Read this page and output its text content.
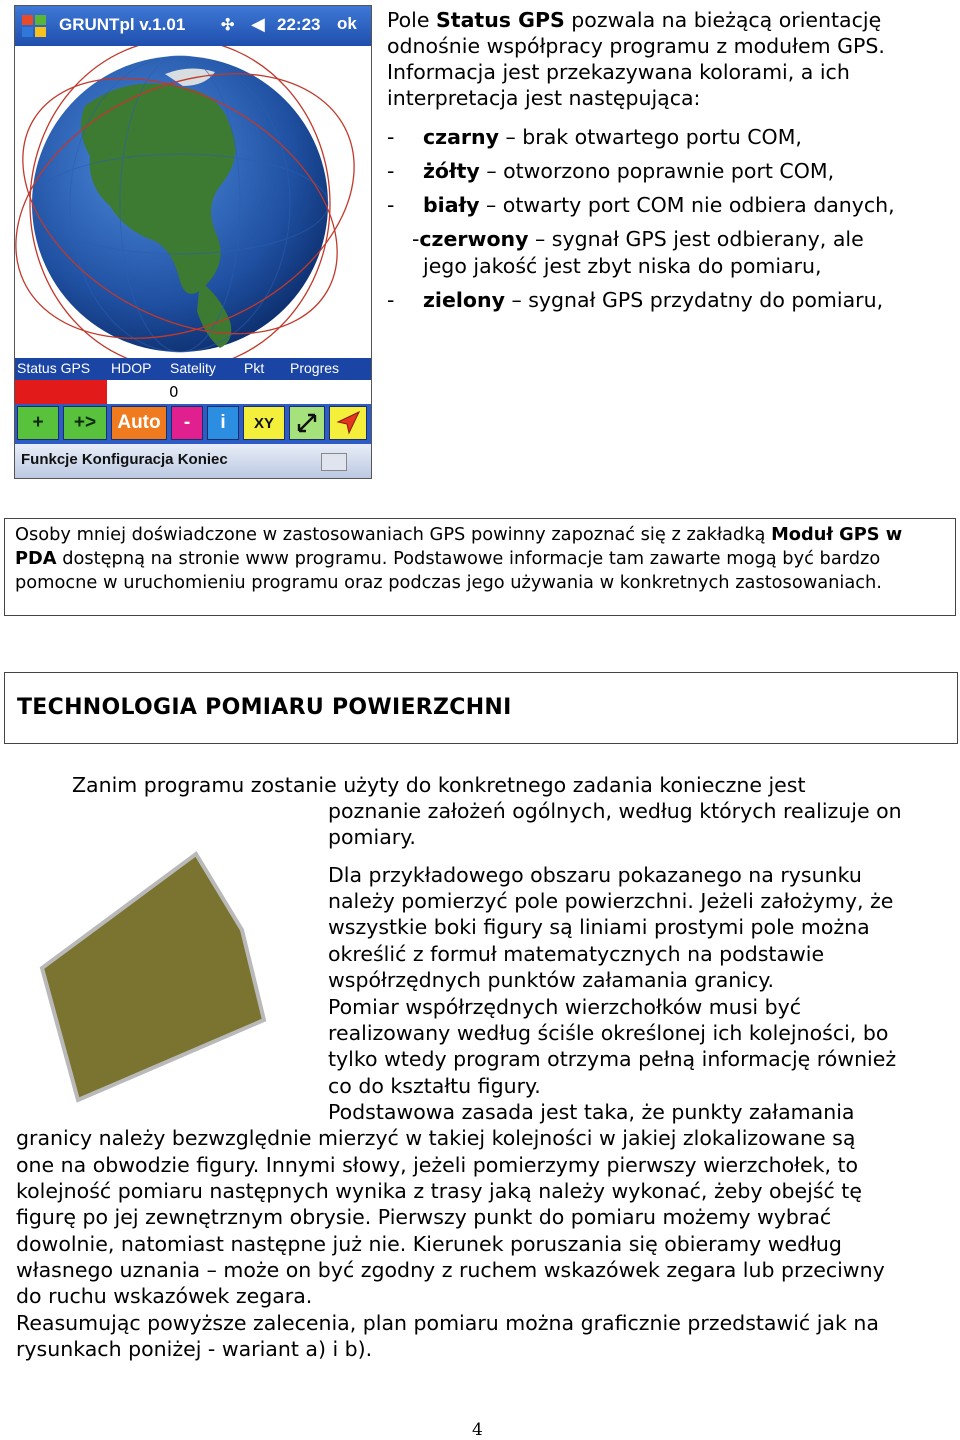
GRUNTpl v.1.01 ✣ ◀ 22:23 ok
Status GPS HDOP Satelity Pkt Progres
0
+	+>	Auto	-	i	XY
Funkcje Konfiguracja Koniec
Pole Status GPS pozwala na bieżącą orientację odnośnie współpracy programu z modułem GPS. Informacja jest przekazywana kolorami, a ich interpretacja jest następująca:
- czarny – brak otwartego portu COM,
- żółty – otworzono poprawnie port COM,
- biały – otwarty port COM nie odbiera danych,
-czerwony – sygnał GPS jest odbierany, ale

jego jakość jest zbyt niska do pomiaru,
- zielony – sygnał GPS przydatny do pomiaru,
Osoby mniej doświadczone w zastosowaniach GPS powinny zapoznać się z zakładką Moduł GPS w PDA dostępną na stronie www programu. Podstawowe informacje tam zawarte mogą być bardzo pomocne w uruchomieniu programu oraz podczas jego używania w konkretnych zastosowaniach.
TECHNOLOGIA POMIARU POWIERZCHNI
Zanim programu zostanie użyty do konkretnego zadania konieczne jest
poznanie założeń ogólnych, według których realizuje on
pomiary.
Dla przykładowego obszaru pokazanego na rysunku
należy pomierzyć pole powierzchni. Jeżeli założymy, że
wszystkie boki figury są liniami prostymi pole można
określić z formuł matematycznych na podstawie
współrzędnych punktów załamania granicy.
Pomiar współrzędnych wierzchołków musi być
realizowany według ściśle określonej ich kolejności, bo
tylko wtedy program otrzyma pełną informację również
co do kształtu figury.
Podstawowa zasada jest taka, że punkty załamania
granicy należy bezwzględnie mierzyć w takiej kolejności w jakiej zlokalizowane są
one na obwodzie figury. Innymi słowy, jeżeli pomierzymy pierwszy wierzchołek, to
kolejność pomiaru następnych wynika z trasy jaką należy wykonać, żeby obejść tę
figurę po jej zewnętrznym obrysie. Pierwszy punkt do pomiaru możemy wybrać
dowolnie, natomiast następne już nie. Kierunek poruszania się obieramy według
własnego uznania – może on być zgodny z ruchem wskazówek zegara lub przeciwny
do ruchu wskazówek zegara.
Reasumując powyższe zalecenia, plan pomiaru można graficznie przedstawić jak na
rysunkach poniżej - wariant a) i b).
4
